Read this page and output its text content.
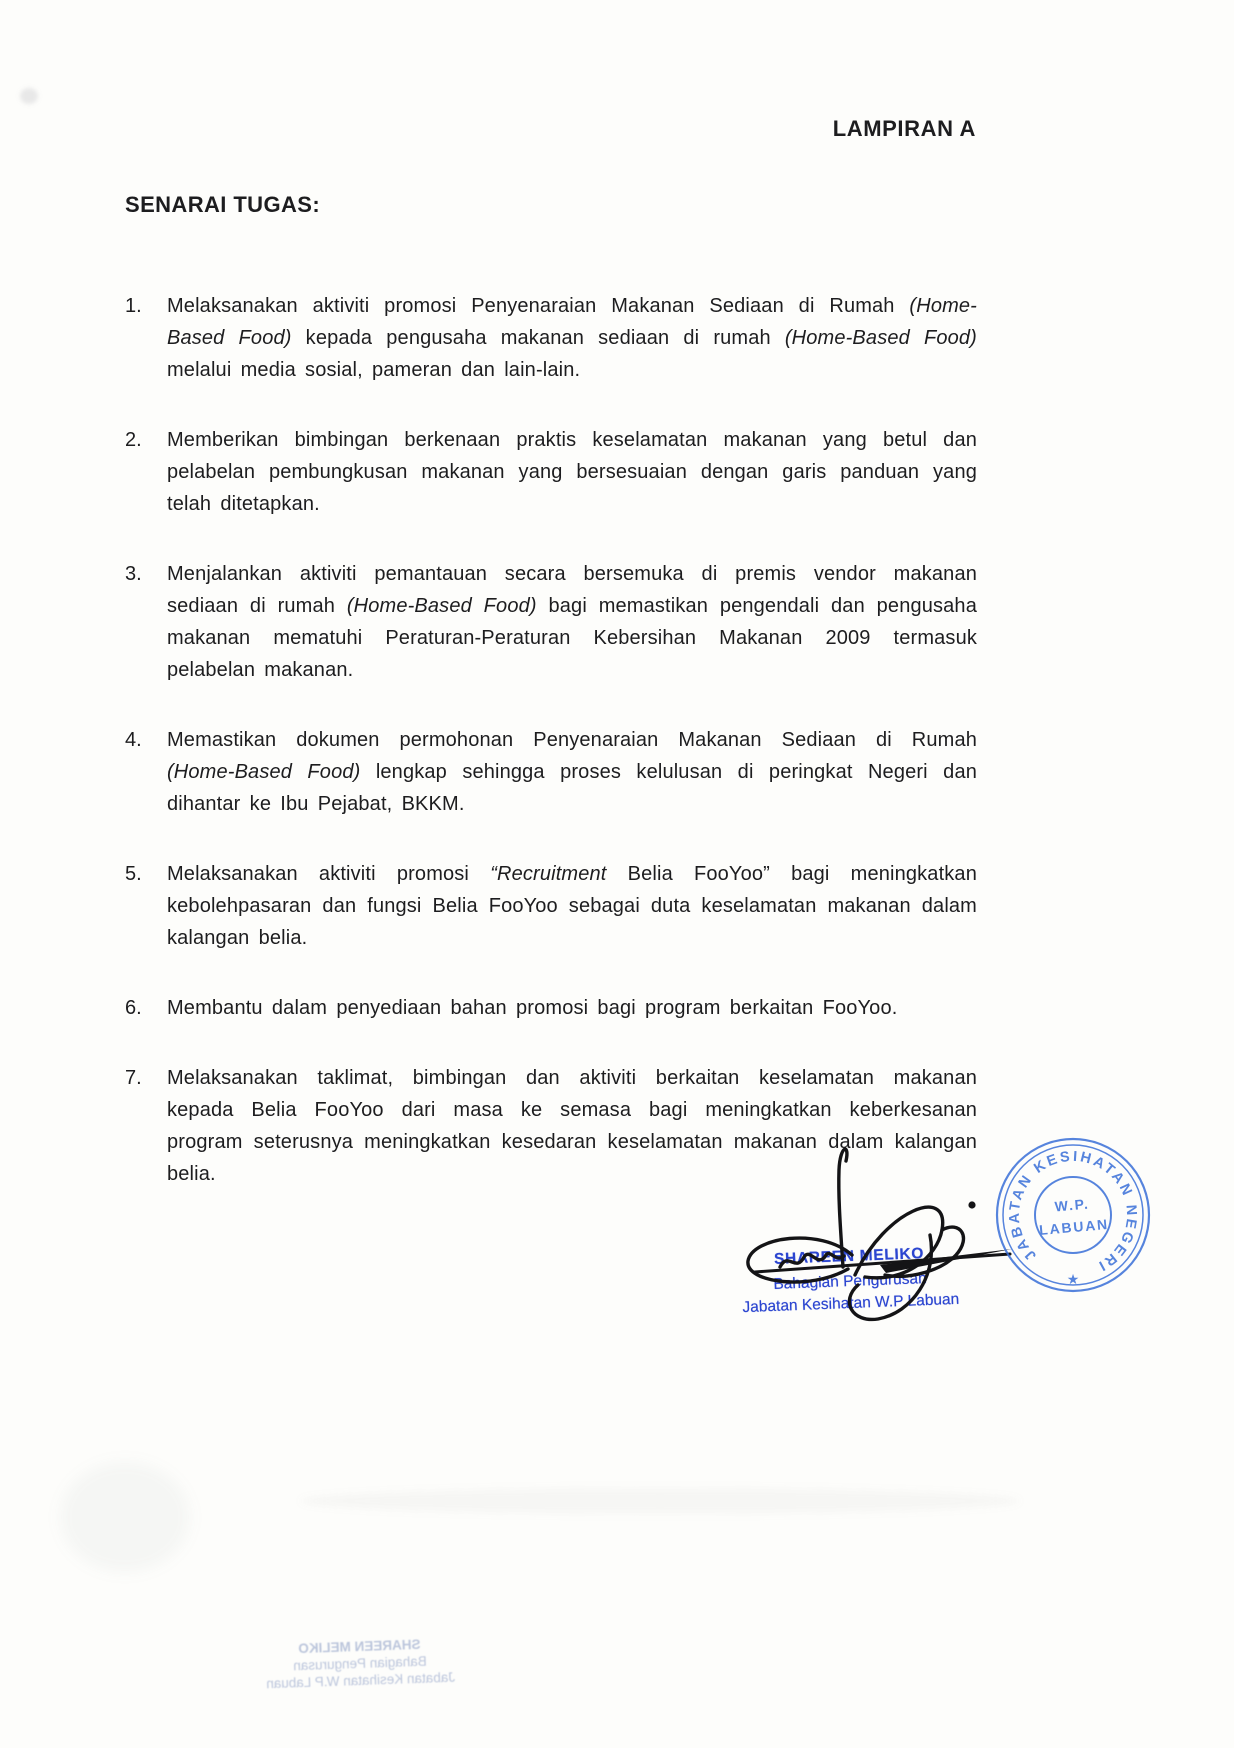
LAMPIRAN A
SENARAI TUGAS:
1.	Melaksanakan aktiviti promosi Penyenaraian Makanan Sediaan di Rumah (Home-Based Food) kepada pengusaha makanan sediaan di rumah (Home-Based Food) melalui media sosial, pameran dan lain-lain.

2.	Memberikan bimbingan berkenaan praktis keselamatan makanan yang betul dan pelabelan pembungkusan makanan yang bersesuaian dengan garis panduan yang telah ditetapkan.

3.	Menjalankan aktiviti pemantauan secara bersemuka di premis vendor makanan sediaan di rumah (Home-Based Food) bagi memastikan pengendali dan pengusaha makanan mematuhi Peraturan-Peraturan Kebersihan Makanan 2009 termasuk pelabelan makanan.

4.	Memastikan dokumen permohonan Penyenaraian Makanan Sediaan di Rumah (Home-Based Food) lengkap sehingga proses kelulusan di peringkat Negeri dan dihantar ke Ibu Pejabat, BKKM.

5.	Melaksanakan aktiviti promosi “Recruitment Belia FooYoo” bagi meningkatkan kebolehpasaran dan fungsi Belia FooYoo sebagai duta keselamatan makanan dalam kalangan belia.

6.	Membantu dalam penyediaan bahan promosi bagi program berkaitan FooYoo.

7.	Melaksanakan taklimat, bimbingan dan aktiviti berkaitan keselamatan makanan kepada Belia FooYoo dari masa ke semasa bagi meningkatkan keberkesanan program seterusnya meningkatkan kesedaran keselamatan makanan dalam kalangan belia.

SHAREEN MELIKO
Bahagian Pengurusan
Jabatan Kesihatan W.P Labuan
JABATAN KESIHATAN NEGERI
W.P.
LABUAN
★
SHAREEN MELIKO
Bahagian Pengurusan
Jabatan Kesihatan W.P Labuan
